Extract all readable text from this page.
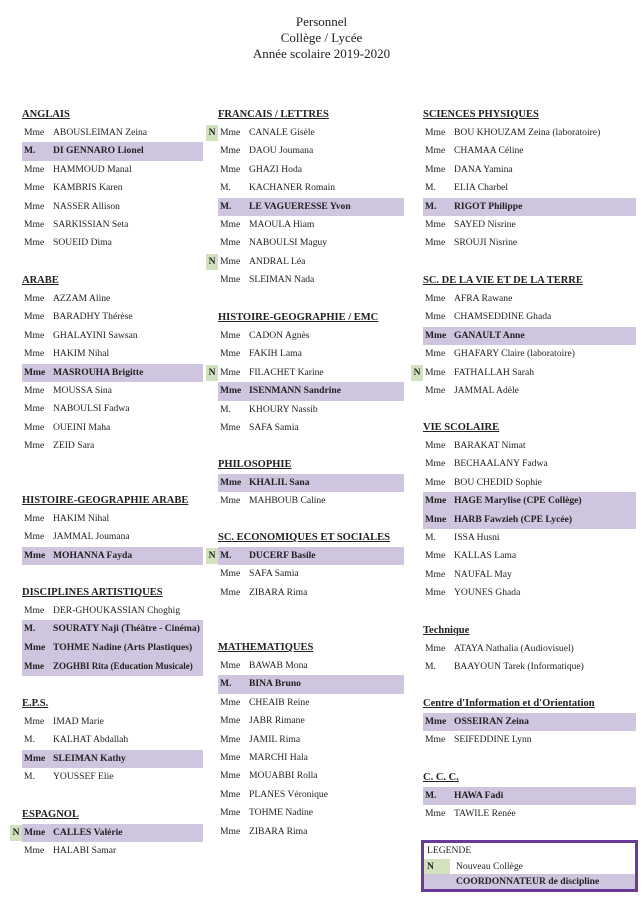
Personnel
Collège / Lycée
Année scolaire 2019-2020
ANGLAIS
Mme ABOUSLEIMAN Zeina
M. DI GENNARO Lionel
Mme HAMMOUD Manal
Mme KAMBRIS Karen
Mme NASSER Allison
Mme SARKISSIAN Seta
Mme SOUEID Dima
ARABE
Mme AZZAM Aline
Mme BARADHY Thérèse
Mme GHALAYINI Sawsan
Mme HAKIM Nihal
Mme MASROUHA Brigitte
Mme MOUSSA Sina
Mme NABOULSI Fadwa
Mme OUEINI Maha
Mme ZEID Sara
HISTOIRE-GEOGRAPHIE ARABE
Mme HAKIM Nihal
Mme JAMMAL Joumana
Mme MOHANNA Fayda
DISCIPLINES ARTISTIQUES
Mme DER-GHOUKASSIAN Choghig
M. SOURATY Naji (Théâtre - Cinéma)
Mme TOHME Nadine (Arts Plastiques)
Mme ZOGHBI Rita (Education Musicale)
E.P.S.
Mme IMAD Marie
M. KALHAT Abdallah
Mme SLEIMAN Kathy
M. YOUSSEF Elie
ESPAGNOL
N Mme CALLES Valérie
Mme HALABI Samar
FRANCAIS / LETTRES
N Mme CANALE Gisèle
Mme DAOU Joumana
Mme GHAZI Hoda
M. KACHANER Romain
M. LE VAGUERESSE Yvon
Mme MAOULA Hiam
Mme NABOULSI Maguy
N Mme ANDRAL Léa
Mme SLEIMAN Nada
HISTOIRE-GEOGRAPHIE / EMC
Mme CADON Agnès
Mme FAKIH Lama
N Mme FILACHET Karine
Mme ISENMANN Sandrine
M. KHOURY Nassib
Mme SAFA Samia
PHILOSOPHIE
Mme KHALIL Sana
Mme MAHBOUB Caline
SC. ECONOMIQUES ET SOCIALES
N M. DUCERF Basile
Mme SAFA Samia
Mme ZIBARA Rima
MATHEMATIQUES
Mme BAWAB Mona
M. BINA Bruno
Mme CHEAIB Reine
Mme JABR Rimane
Mme JAMIL Rima
Mme MARCHI Hala
Mme MOUABBI Rolla
Mme PLANES Véronique
Mme TOHME Nadine
Mme ZIBARA Rima
SCIENCES PHYSIQUES
Mme BOU KHOUZAM Zeina (laboratoire)
Mme CHAMAA Céline
Mme DANA Yamina
M. ELIA Charbel
M. RIGOT Philippe
Mme SAYED Nisrine
Mme SROUJI Nisrine
SC. DE LA VIE ET DE LA TERRE
Mme AFRA Rawane
Mme CHAMSEDDINE Ghada
Mme GANAULT Anne
Mme GHAFARY Claire (laboratoire)
N Mme FATHALLAH Sarah
Mme JAMMAL Adèle
VIE SCOLAIRE
Mme BARAKAT Nimat
Mme BECHAALANY Fadwa
Mme BOU CHEDID Sophie
Mme HAGE Marylise (CPE Collège)
Mme HARB Fawzieh (CPE Lycée)
M. ISSA Husni
Mme KALLAS Lama
Mme NAUFAL May
Mme YOUNES Ghada
Technique
Mme ATAYA Nathalia (Audiovisuel)
M. BAAYOUN Tarek (Informatique)
Centre d'Information et d'Orientation
Mme OSSEIRAN Zeina
Mme SEIFEDDINE Lynn
C. C. C.
M. HAWA Fadi
Mme TAWILE Renée
LEGENDE
N	Nouveau Collège
COORDONNATEUR de discipline
